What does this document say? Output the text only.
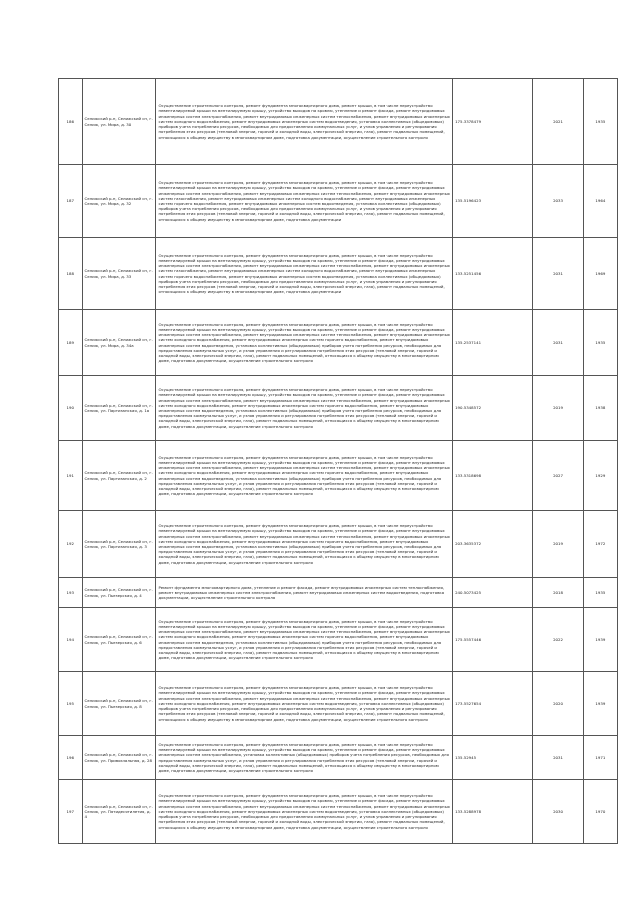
186	Селижский р-н, Селижский сп, г. Селиж, ул. Мира, д. 30	Осуществление строительного контроля, ремонт фундамента многоквартирного дома, ремонт крыши, в том числе переустройство невентилируемой крыши на вентилируемую крышу, устройство выходов на кровлю, утепление и ремонт фасада, ремонт внутридомовых инженерных систем электроснабжения, ремонт внутридомовых инженерных систем теплоснабжения, ремонт внутридомовых инженерных систем холодного водоснабжения, ремонт внутридомовых инженерных систем водоотведения, установка коллективных (общедомовых) приборов учета потребления ресурсов, необходимых для предоставления коммунальных услуг, и узлов управления и регулирования потребления этих ресурсов (тепловой энергии, горячей и холодной воды, электрической энергии, газа), ремонт подвальных помещений, относящихся к общему имуществу в многоквартирном доме, подготовка документации, осуществление строительного контроля	175.3378479	2021	1935
187	Селижский р-н, Селижский сп, г. Селиж, ул. Мира, д. 32	Осуществление строительного контроля, ремонт фундамента многоквартирного дома, ремонт крыши, в том числе переустройство невентилируемой крыши на вентилируемую крышу, устройство выходов на кровлю, утепление и ремонт фасада, ремонт внутридомовых инженерных систем электроснабжения, ремонт внутридомовых инженерных систем теплоснабжения, ремонт внутридомовых инженерных систем газоснабжения, ремонт внутридомовых инженерных систем холодного водоснабжения, ремонт внутридомовых инженерных систем горячего водоснабжения, ремонт внутридомовых инженерных систем водоотведения, установка коллективных (общедомовых) приборов учета потребления ресурсов, необходимых для предоставления коммунальных услуг, и узлов управления и регулирования потребления этих ресурсов (тепловой энергии, горячей и холодной воды, электрической энергии, газа), ремонт подвальных помещений, относящихся к общему имуществу в многоквартирном доме, подготовка документации	135.5196423	2033	1964
188	Селижский р-н, Селижский сп, г. Селиж, ул. Мира, д. 33	Осуществление строительного контроля, ремонт фундамента многоквартирного дома, ремонт крыши, в том числе переустройство невентилируемой крыши на вентилируемую крышу, устройство выходов на кровлю, утепление и ремонт фасада, ремонт внутридомовых инженерных систем электроснабжения, ремонт внутридомовых инженерных систем теплоснабжения, ремонт внутридомовых инженерных систем газоснабжения, ремонт внутридомовых инженерных систем холодного водоснабжения, ремонт внутридомовых инженерных систем горячего водоснабжения, ремонт внутридомовых инженерных систем водоотведения, установка коллективных (общедомовых) приборов учета потребления ресурсов, необходимых для предоставления коммунальных услуг, и узлов управления и регулирования потребления этих ресурсов (тепловой энергии, горячей и холодной воды, электрической энергии, газа), ремонт подвальных помещений, относящихся к общему имуществу в многоквартирном доме, подготовка документации	133.5251456	2031	1969
189	Селижский р-н, Селижский сп, г. Селиж, ул. Мира, д. 34а	Осуществление строительного контроля, ремонт фундамента многоквартирного дома, ремонт крыши, в том числе переустройство невентилируемой крыши на вентилируемую крышу, устройство выходов на кровлю, утепление и ремонт фасада, ремонт внутридомовых инженерных систем электроснабжения, ремонт внутридомовых инженерных систем теплоснабжения, ремонт внутридомовых инженерных систем холодного водоснабжения, ремонт внутридомовых инженерных систем горячего водоснабжения, ремонт внутридомовых инженерных систем водоотведения, установка коллективных (общедомовых) приборов учета потребления ресурсов, необходимых для предоставления коммунальных услуг, и узлов управления и регулирования потребления этих ресурсов (тепловой энергии, горячей и холодной воды, электрической энергии, газа), ремонт подвальных помещений, относящихся к общему имуществу в многоквартирном доме, подготовка документации, осуществление строительного контроля	135.2537141	2031	1935
190	Селижский р-н, Селижский сп, г. Селиж, ул. Партизанская, д. 1а	Осуществление строительного контроля, ремонт фундамента многоквартирного дома, ремонт крыши, в том числе переустройство невентилируемой крыши на вентилируемую крышу, устройство выходов на кровлю, утепление и ремонт фасада, ремонт внутридомовых инженерных систем электроснабжения, ремонт внутридомовых инженерных систем теплоснабжения, ремонт внутридомовых инженерных систем холодного водоснабжения, ремонт внутридомовых инженерных систем горячего водоснабжения, ремонт внутридомовых инженерных систем водоотведения, установка коллективных (общедомовых) приборов учета потребления ресурсов, необходимых для предоставления коммунальных услуг, и узлов управления и регулирования потребления этих ресурсов (тепловой энергии, горячей и холодной воды, электрической энергии, газа), ремонт подвальных помещений, относящихся к общему имуществу в многоквартирном доме, подготовка документации, осуществление строительного контроля	190.5348572	2019	1938
191	Селижский р-н, Селижский сп, г. Селиж, ул. Партизанская, д. 2	Осуществление строительного контроля, ремонт фундамента многоквартирного дома, ремонт крыши, в том числе переустройство невентилируемой крыши на вентилируемую крышу, устройство выходов на кровлю, утепление и ремонт фасада, ремонт внутридомовых инженерных систем электроснабжения, ремонт внутридомовых инженерных систем теплоснабжения, ремонт внутридомовых инженерных систем холодного водоснабжения, ремонт внутридомовых инженерных систем горячего водоснабжения, ремонт внутридомовых инженерных систем водоотведения, установка коллективных (общедомовых) приборов учета потребления ресурсов, необходимых для предоставления коммунальных услуг, и узлов управления и регулирования потребления этих ресурсов (тепловой энергии, горячей и холодной воды, электрической энергии, газа), ремонт подвальных помещений, относящихся к общему имуществу в многоквартирном доме, подготовка документации, осуществление строительного контроля	133.5318698	2027	1929
192	Селижский р-н, Селижский сп, г. Селиж, ул. Партизанская, д. 3	Осуществление строительного контроля, ремонт фундамента многоквартирного дома, ремонт крыши, в том числе переустройство невентилируемой крыши на вентилируемую крышу, устройство выходов на кровлю, утепление и ремонт фасада, ремонт внутридомовых инженерных систем электроснабжения, ремонт внутридомовых инженерных систем теплоснабжения, ремонт внутридомовых инженерных систем холодного водоснабжения, ремонт внутридомовых инженерных систем горячего водоснабжения, ремонт внутридомовых инженерных систем водоотведения, установка коллективных (общедомовых) приборов учета потребления ресурсов, необходимых для предоставления коммунальных услуг, и узлов управления и регулирования потребления этих ресурсов (тепловой энергии, горячей и холодной воды, электрической энергии, газа), ремонт подвальных помещений, относящихся к общему имуществу в многоквартирном доме, подготовка документации, осуществление строительного контроля	203.3635372	2019	1972
193	Селижский р-н, Селижский сп, г. Селиж, ул. Пьезерская, д. 4	Ремонт фундамента многоквартирного дома, утепление и ремонт фасада, ремонт внутридомовых инженерных систем теплоснабжения, ремонт внутридомовых инженерных систем электроснабжения, ремонт внутридомовых инженерных систем водоотведения, подготовка документации, осуществление строительного контроля	240.5073425	2018	1935
194	Селижский р-н, Селижский сп, г. Селиж, ул. Пьезерская, д. 6	Осуществление строительного контроля, ремонт фундамента многоквартирного дома, ремонт крыши, в том числе переустройство невентилируемой крыши на вентилируемую крышу, устройство выходов на кровлю, утепление и ремонт фасада, ремонт внутридомовых инженерных систем электроснабжения, ремонт внутридомовых инженерных систем теплоснабжения, ремонт внутридомовых инженерных систем холодного водоснабжения, ремонт внутридомовых инженерных систем горячего водоснабжения, ремонт внутридомовых инженерных систем водоотведения, установка коллективных (общедомовых) приборов учета потребления ресурсов, необходимых для предоставления коммунальных услуг, и узлов управления и регулирования потребления этих ресурсов (тепловой энергии, горячей и холодной воды, электрической энергии, газа), ремонт подвальных помещений, относящихся к общему имуществу в многоквартирном доме, подготовка документации, осуществление строительного контроля	175.5557446	2022	1939
195	Селижский р-н, Селижский сп, г. Селиж, ул. Пьезерская, д. 8	Осуществление строительного контроля, ремонт фундамента многоквартирного дома, ремонт крыши, в том числе переустройство невентилируемой крыши на вентилируемую крышу, устройство выходов на кровлю, утепление и ремонт фасада, ремонт внутридомовых инженерных систем электроснабжения, ремонт внутридомовых инженерных систем теплоснабжения, ремонт внутридомовых инженерных систем холодного водоснабжения, ремонт внутридомовых инженерных систем водоотведения, установка коллективных (общедомовых) приборов учета потребления ресурсов, необходимых для предоставления коммунальных услуг, и узлов управления и регулирования потребления этих ресурсов (тепловой энергии, горячей и холодной воды, электрической энергии, газа), ремонт подвальных помещений, относящихся к общему имуществу в многоквартирном доме, подготовка документации, осуществление строительного контроля	173.5527654	2020	1939
196	Селижский р-н, Селижский сп, г. Селиж, ул. Привокзальная, д. 28	Осуществление строительного контроля, ремонт фундамента многоквартирного дома, ремонт крыши, в том числе переустройство невентилируемой крыши на вентилируемую крышу, устройство выходов на кровлю, утепление и ремонт фасада, ремонт внутридомовых инженерных систем электроснабжения, установка коллективных (общедомовых) приборов учета потребления ресурсов, необходимых для предоставления коммунальных услуг, и узлов управления и регулирования потребления этих ресурсов (тепловой энергии, горячей и холодной воды, электрической энергии, газа), ремонт подвальных помещений, относящихся к общему имуществу в многоквартирном доме, подготовка документации, осуществление строительного контроля	135.52945	2031	1971
197	Селижский р-н, Селижский сп, г. Селиж, ул. Пятидесятилетия, д. 4	Осуществление строительного контроля, ремонт фундамента многоквартирного дома, ремонт крыши, в том числе переустройство невентилируемой крыши на вентилируемую крышу, устройство выходов на кровлю, утепление и ремонт фасада, ремонт внутридомовых инженерных систем электроснабжения, ремонт внутридомовых инженерных систем теплоснабжения, ремонт внутридомовых инженерных систем холодного водоснабжения, ремонт внутридомовых инженерных систем водоотведения, установка коллективных (общедомовых) приборов учета потребления ресурсов, необходимых для предоставления коммунальных услуг, и узлов управления и регулирования потребления этих ресурсов (тепловой энергии, горячей и холодной воды, электрической энергии, газа), ремонт подвальных помещений, относящихся к общему имуществу в многоквартирном доме, подготовка документации, осуществление строительного контроля	133.5288978	2030	1970
